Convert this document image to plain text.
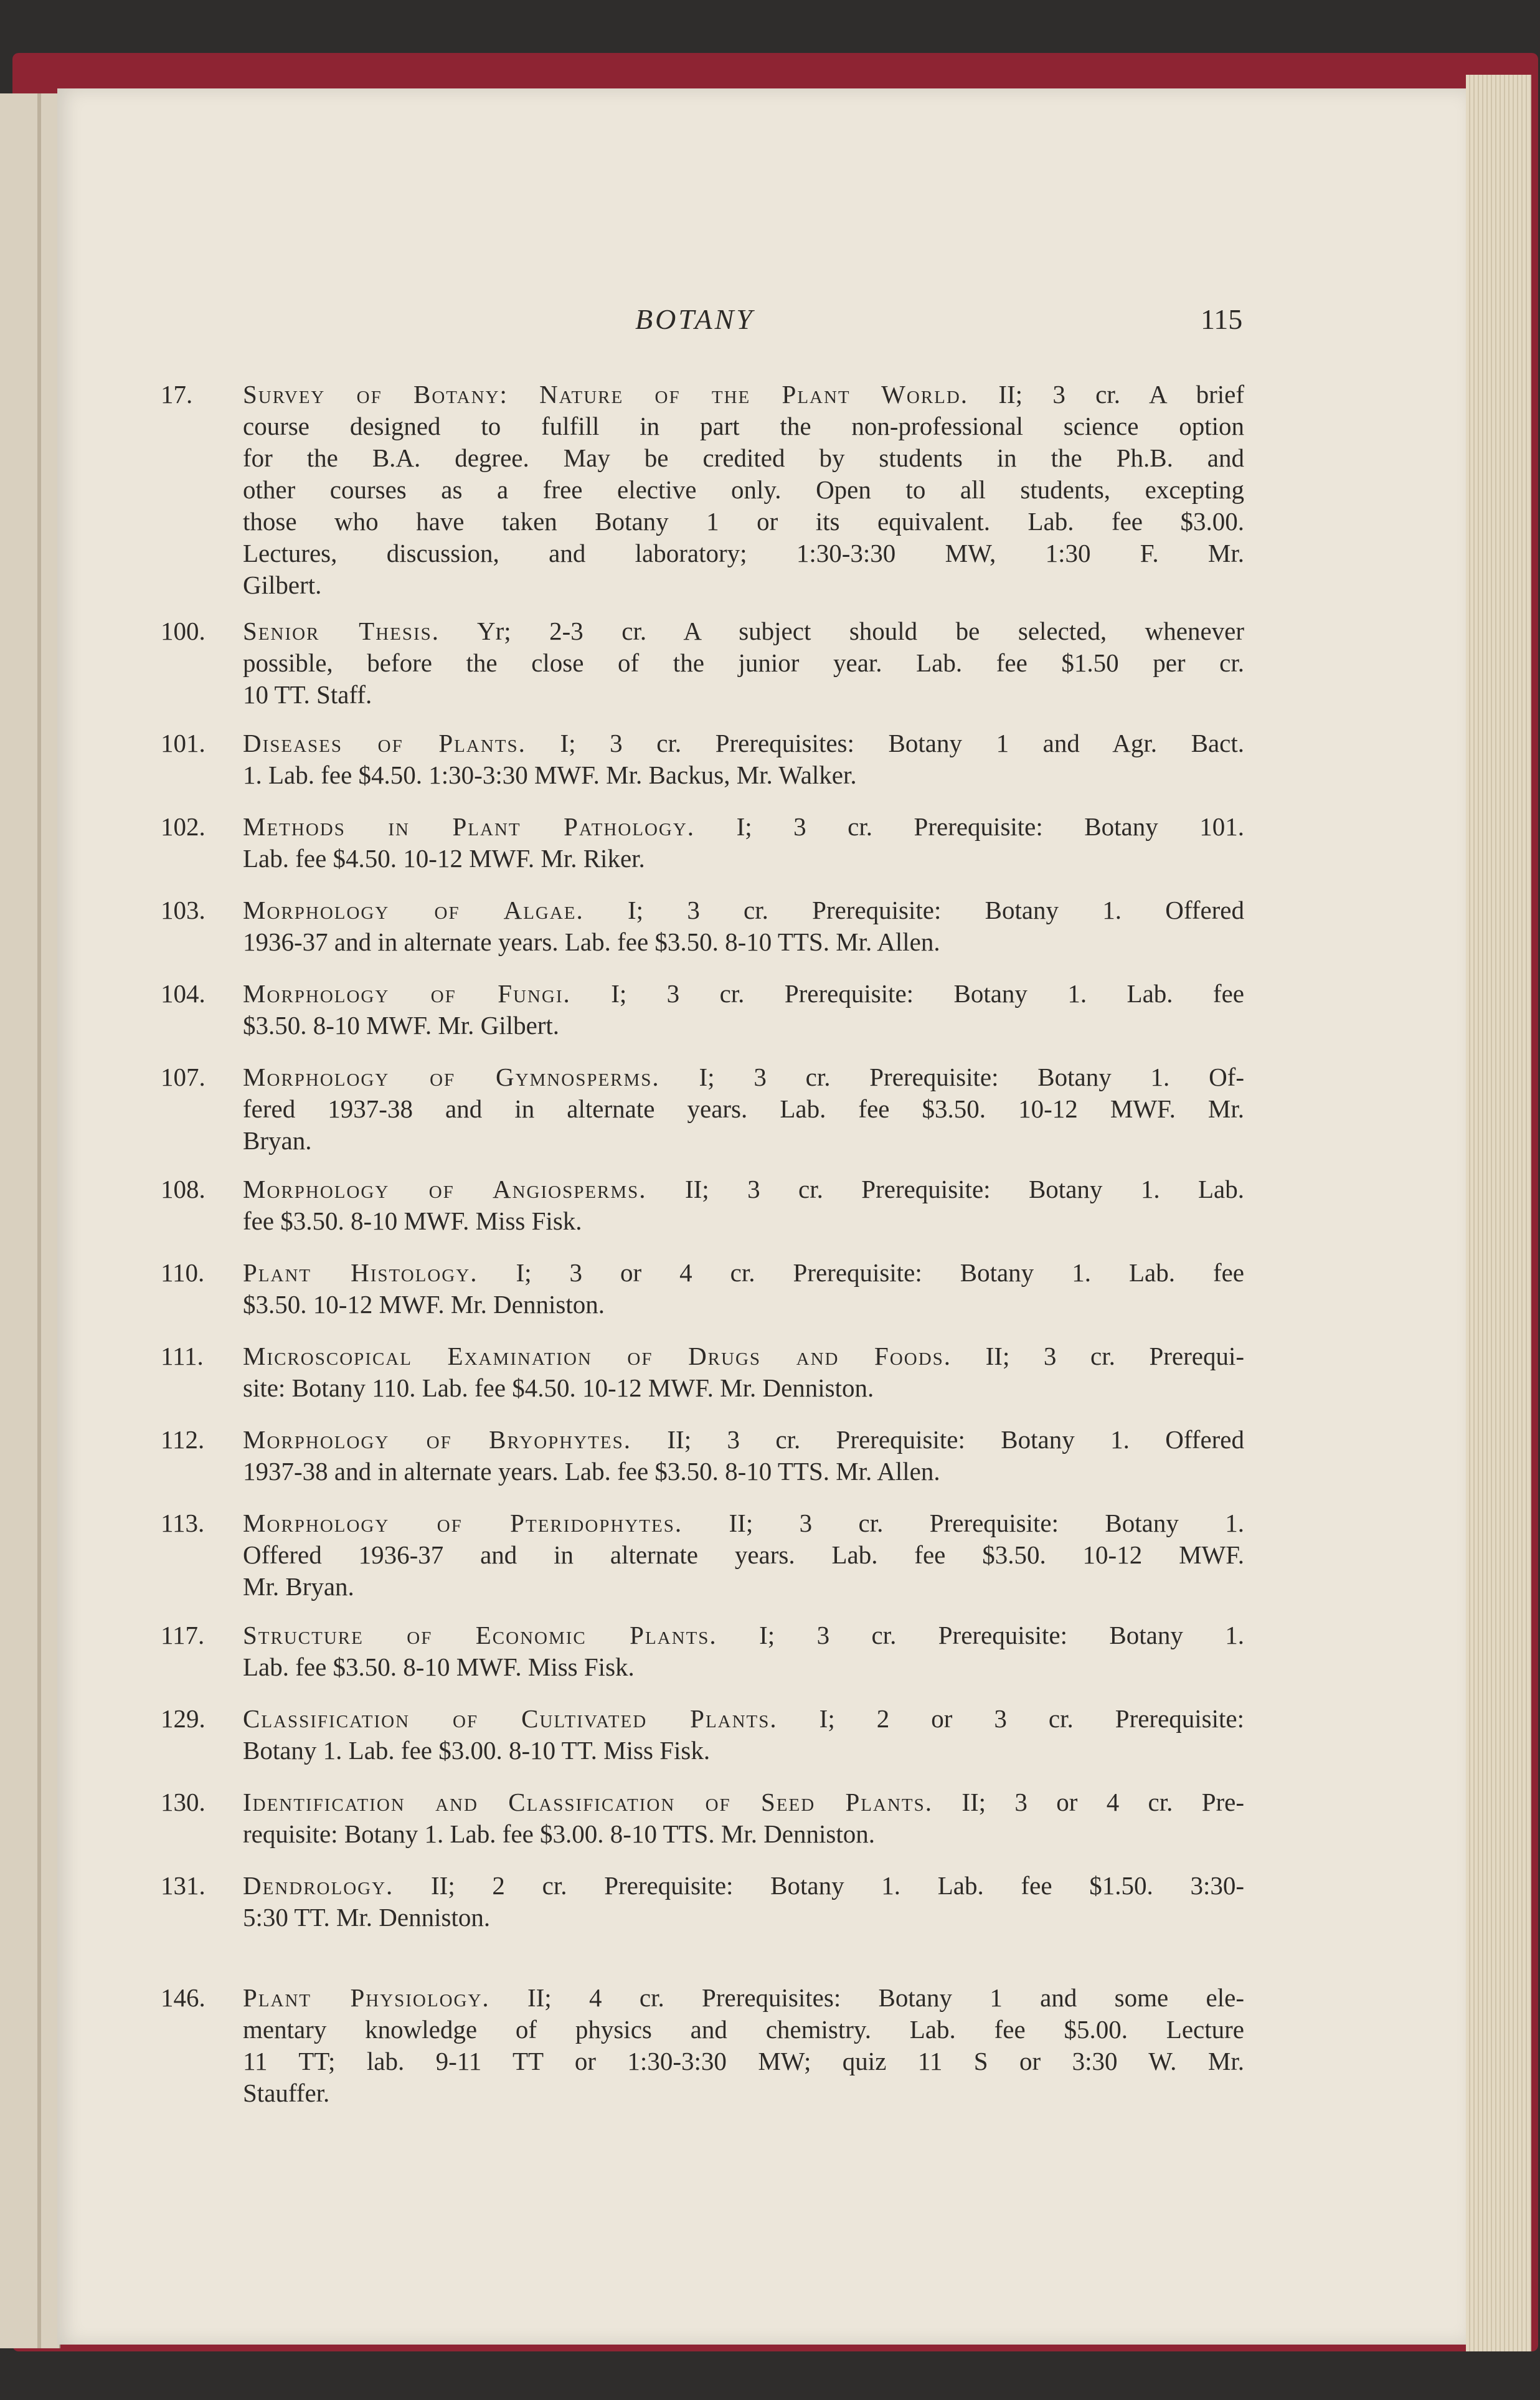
BOTANY	115
17.	Survey of Botany: Nature of the Plant World. II; 3 cr. A brief
course designed to fulfill in part the non-professional science option
for the B.A. degree. May be credited by students in the Ph.B. and
other courses as a free elective only. Open to all students, excepting
those who have taken Botany 1 or its equivalent. Lab. fee $3.00.
Lectures, discussion, and laboratory; 1:30-3:30 MW, 1:30 F. Mr.
Gilbert.
100.	Senior Thesis. Yr; 2-3 cr. A subject should be selected, whenever
possible, before the close of the junior year. Lab. fee $1.50 per cr.
10 TT. Staff.
101.	Diseases of Plants. I; 3 cr. Prerequisites: Botany 1 and Agr. Bact.
1. Lab. fee $4.50. 1:30-3:30 MWF. Mr. Backus, Mr. Walker.
102.	Methods in Plant Pathology. I; 3 cr. Prerequisite: Botany 101.
Lab. fee $4.50. 10-12 MWF. Mr. Riker.
103.	Morphology of Algae. I; 3 cr. Prerequisite: Botany 1. Offered
1936-37 and in alternate years. Lab. fee $3.50. 8-10 TTS. Mr. Allen.
104.	Morphology of Fungi. I; 3 cr. Prerequisite: Botany 1. Lab. fee
$3.50. 8-10 MWF. Mr. Gilbert.
107.	Morphology of Gymnosperms. I; 3 cr. Prerequisite: Botany 1. Of-
fered 1937-38 and in alternate years. Lab. fee $3.50. 10-12 MWF. Mr.
Bryan.
108.	Morphology of Angiosperms. II; 3 cr. Prerequisite: Botany 1. Lab.
fee $3.50. 8-10 MWF. Miss Fisk.
110.	Plant Histology. I; 3 or 4 cr. Prerequisite: Botany 1. Lab. fee
$3.50. 10-12 MWF. Mr. Denniston.
111.	Microscopical Examination of Drugs and Foods. II; 3 cr. Prerequi-
site: Botany 110. Lab. fee $4.50. 10-12 MWF. Mr. Denniston.
112.	Morphology of Bryophytes. II; 3 cr. Prerequisite: Botany 1. Offered
1937-38 and in alternate years. Lab. fee $3.50. 8-10 TTS. Mr. Allen.
113.	Morphology of Pteridophytes. II; 3 cr. Prerequisite: Botany 1.
Offered 1936-37 and in alternate years. Lab. fee $3.50. 10-12 MWF.
Mr. Bryan.
117.	Structure of Economic Plants. I; 3 cr. Prerequisite: Botany 1.
Lab. fee $3.50. 8-10 MWF. Miss Fisk.
129.	Classification of Cultivated Plants. I; 2 or 3 cr. Prerequisite:
Botany 1. Lab. fee $3.00. 8-10 TT. Miss Fisk.
130.	Identification and Classification of Seed Plants. II; 3 or 4 cr. Pre-
requisite: Botany 1. Lab. fee $3.00. 8-10 TTS. Mr. Denniston.
131.	Dendrology. II; 2 cr. Prerequisite: Botany 1. Lab. fee $1.50. 3:30-
5:30 TT. Mr. Denniston.
146.	Plant Physiology. II; 4 cr. Prerequisites: Botany 1 and some ele-
mentary knowledge of physics and chemistry. Lab. fee $5.00. Lecture
11 TT; lab. 9-11 TT or 1:30-3:30 MW; quiz 11 S or 3:30 W. Mr.
Stauffer.
